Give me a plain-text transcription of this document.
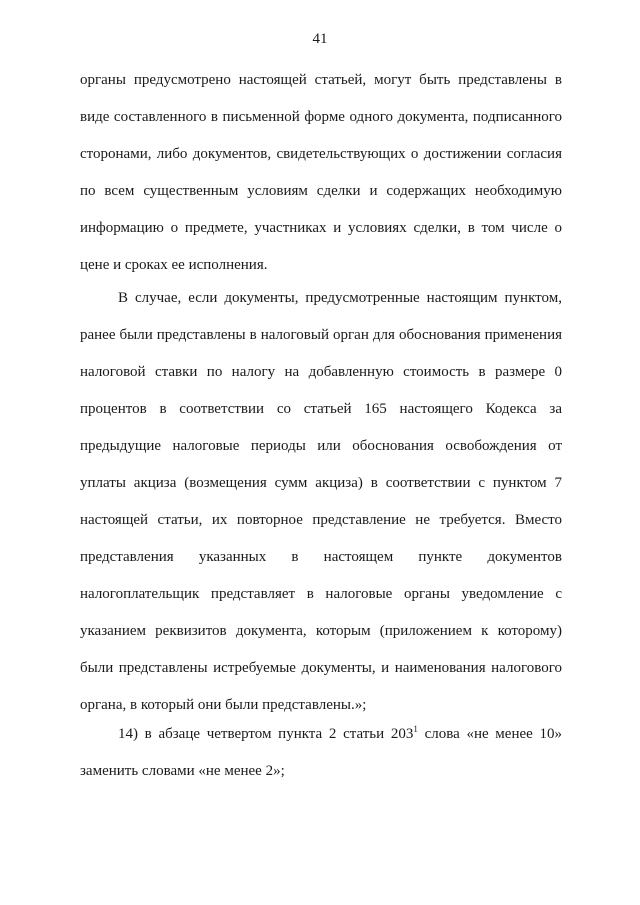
41
органы предусмотрено настоящей статьей, могут быть представлены в
виде составленного в письменной форме одного документа, подписанного
сторонами, либо документов, свидетельствующих о достижении согласия
по всем существенным условиям сделки и содержащих необходимую
информацию о предмете, участниках и условиях сделки, в том числе о
цене и сроках ее исполнения.
В случае, если документы, предусмотренные настоящим пунктом,
ранее были представлены в налоговый орган для обоснования применения
налоговой ставки по налогу на добавленную стоимость в размере 0
процентов в соответствии со статьей 165 настоящего Кодекса за
предыдущие налоговые периоды или обоснования освобождения от
уплаты акциза (возмещения сумм акциза) в соответствии с пунктом 7
настоящей статьи, их повторное представление не требуется. Вместо
представления указанных в настоящем пункте документов
налогоплательщик представляет в налоговые органы уведомление с
указанием реквизитов документа, которым (приложением к которому)
были представлены истребуемые документы, и наименования налогового
органа, в который они были представлены.»;
14) в абзаце четвертом пункта 2 статьи $203^1$ слова «не менее 10»
заменить словами «не менее 2»;
